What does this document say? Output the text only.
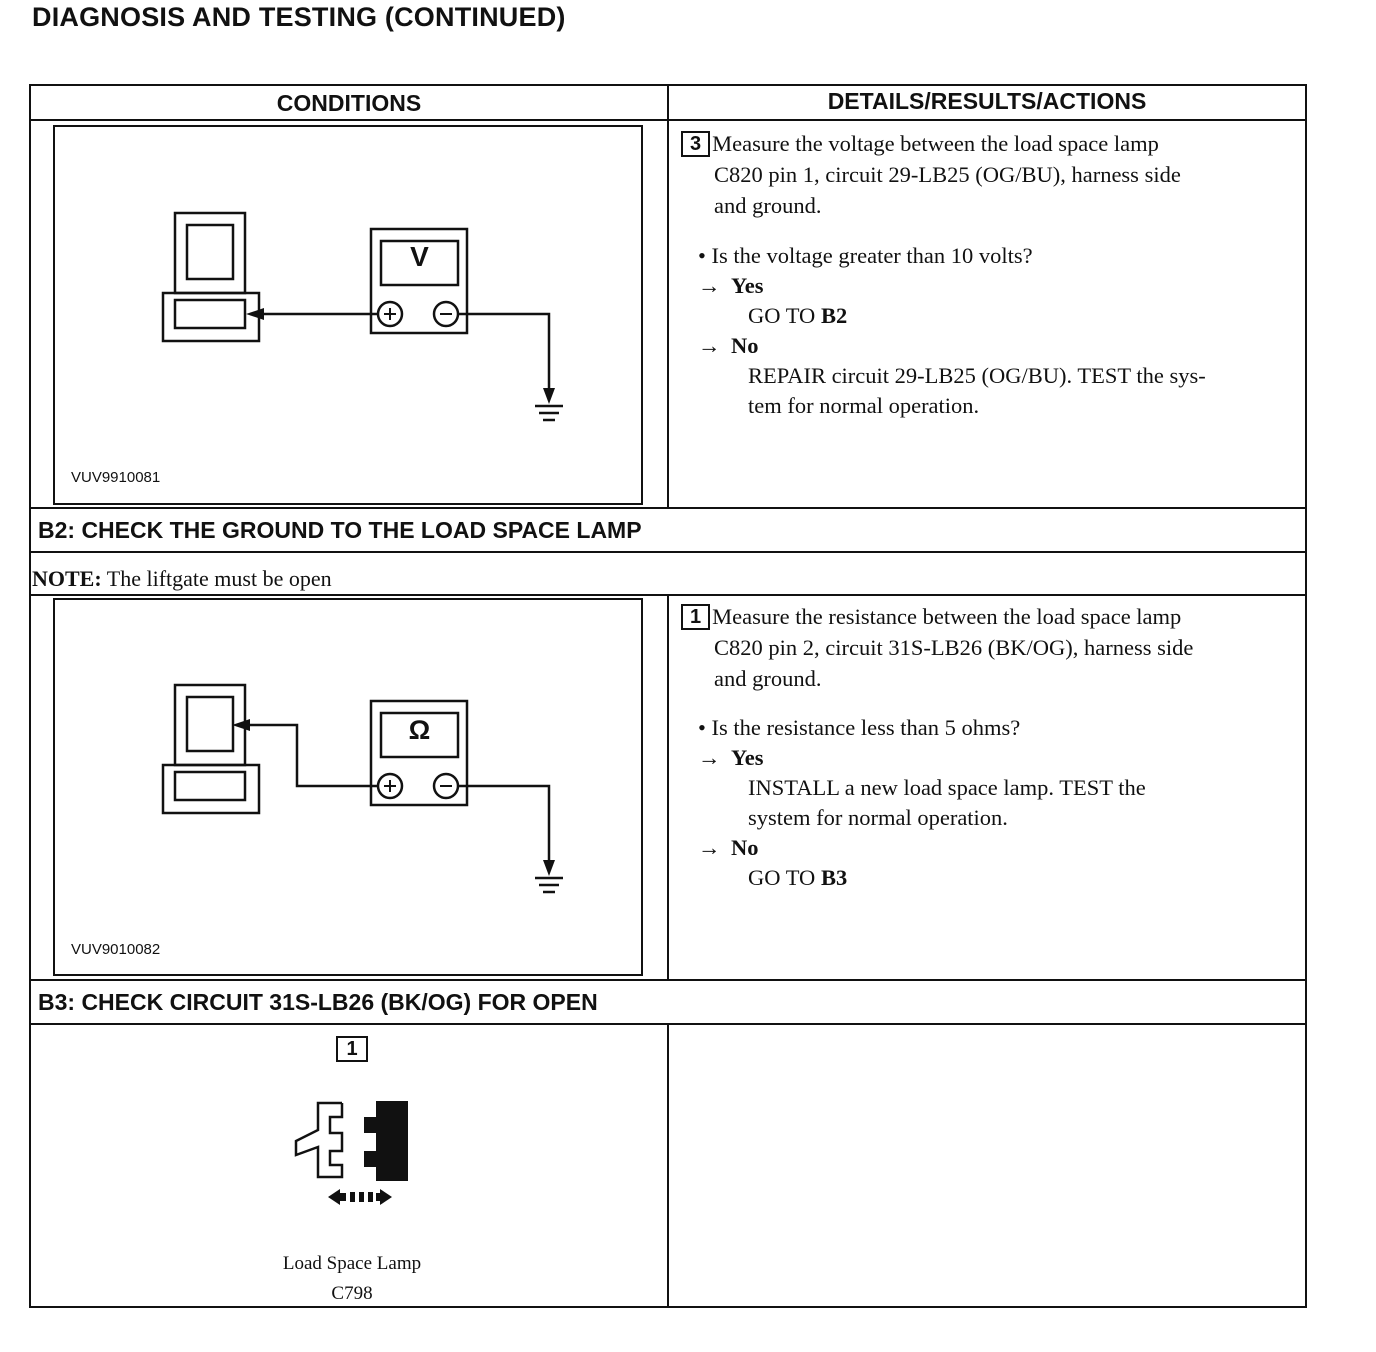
DIAGNOSIS AND TESTING (CONTINUED)
CONDITIONS	DETAILS/RESULTS/ACTIONS
V
VUV9910081
3 Measure the voltage between the load space lamp
C820 pin 1, circuit 29-LB25 (OG/BU), harness side
and ground.
• Is the voltage greater than 10 volts?
→ Yes
GO TO B2
→ No
REPAIR circuit 29-LB25 (OG/BU). TEST the sys-
tem for normal operation.
B2: CHECK THE GROUND TO THE LOAD SPACE LAMP
NOTE: The liftgate must be open
Ω
VUV9010082
1 Measure the resistance between the load space lamp
C820 pin 2, circuit 31S-LB26 (BK/OG), harness side
and ground.
• Is the resistance less than 5 ohms?
→ Yes
INSTALL a new load space lamp. TEST the
system for normal operation.
→ No
GO TO B3
B3: CHECK CIRCUIT 31S-LB26 (BK/OG) FOR OPEN
1
Load Space Lamp
C798
